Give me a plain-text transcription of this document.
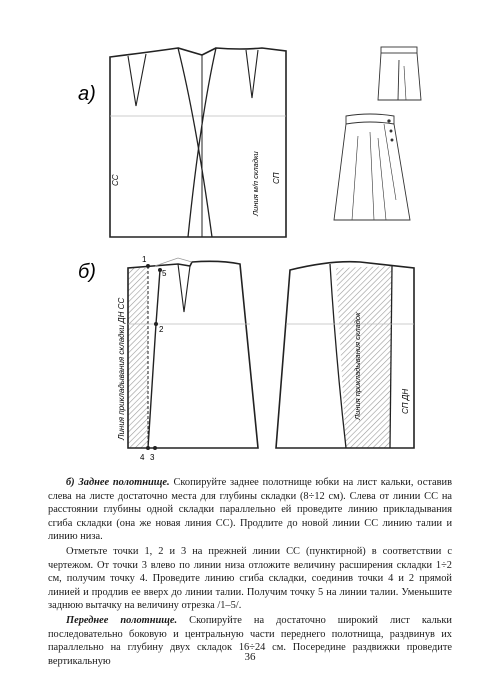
а)
СС	Линия м/п складки СП
б)
1
5
2
3
4
Линия прикладывания складки ДН СС	Линия прикладывания складок	СП ДН

б) Заднее полотнище. Скопируйте заднее полотнище юбки на лист кальки, оставив слева на листе достаточно места для глубины складки (8÷12 см). Слева от линии СС на расстоянии глубины одной складки параллельно ей проведите линию прикладывания сгиба складки (она же новая линия СС). Продлите до новой линии СС линию талии и линию низа.

Отметьте точки 1, 2 и 3 на прежней линии СС (пунктирной) в соответствии с чертежом. От точки 3 влево по линии низа отложите величину расширения складки 1÷2 см, получим точку 4. Проведите линию сгиба складки, соединив точки 4 и 2 прямой линией и продлив ее вверх до линии талии. Получим точку 5 на линии талии. Уменьшите заднюю вытачку на величину отрезка /1–5/.

Переднее полотнище. Скопируйте на достаточно широкий лист кальки последовательно боковую и центральную части переднего полотнища, раздвинув их параллельно на глубину двух складок 16÷24 см. Посередине раздвижки проведите вертикальную	36
